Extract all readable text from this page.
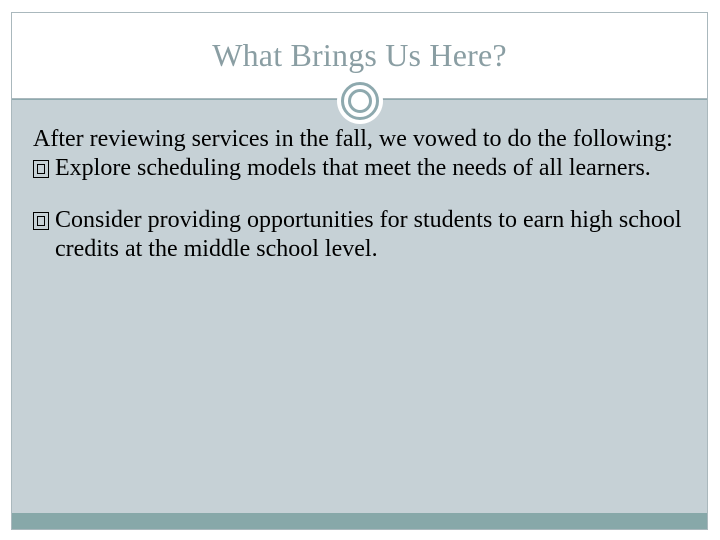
What Brings Us Here?

After reviewing services in the fall, we vowed to do the following:

Explore scheduling models that meet the needs of all learners.

Consider providing opportunities for students to earn high school credits at the middle school level.
